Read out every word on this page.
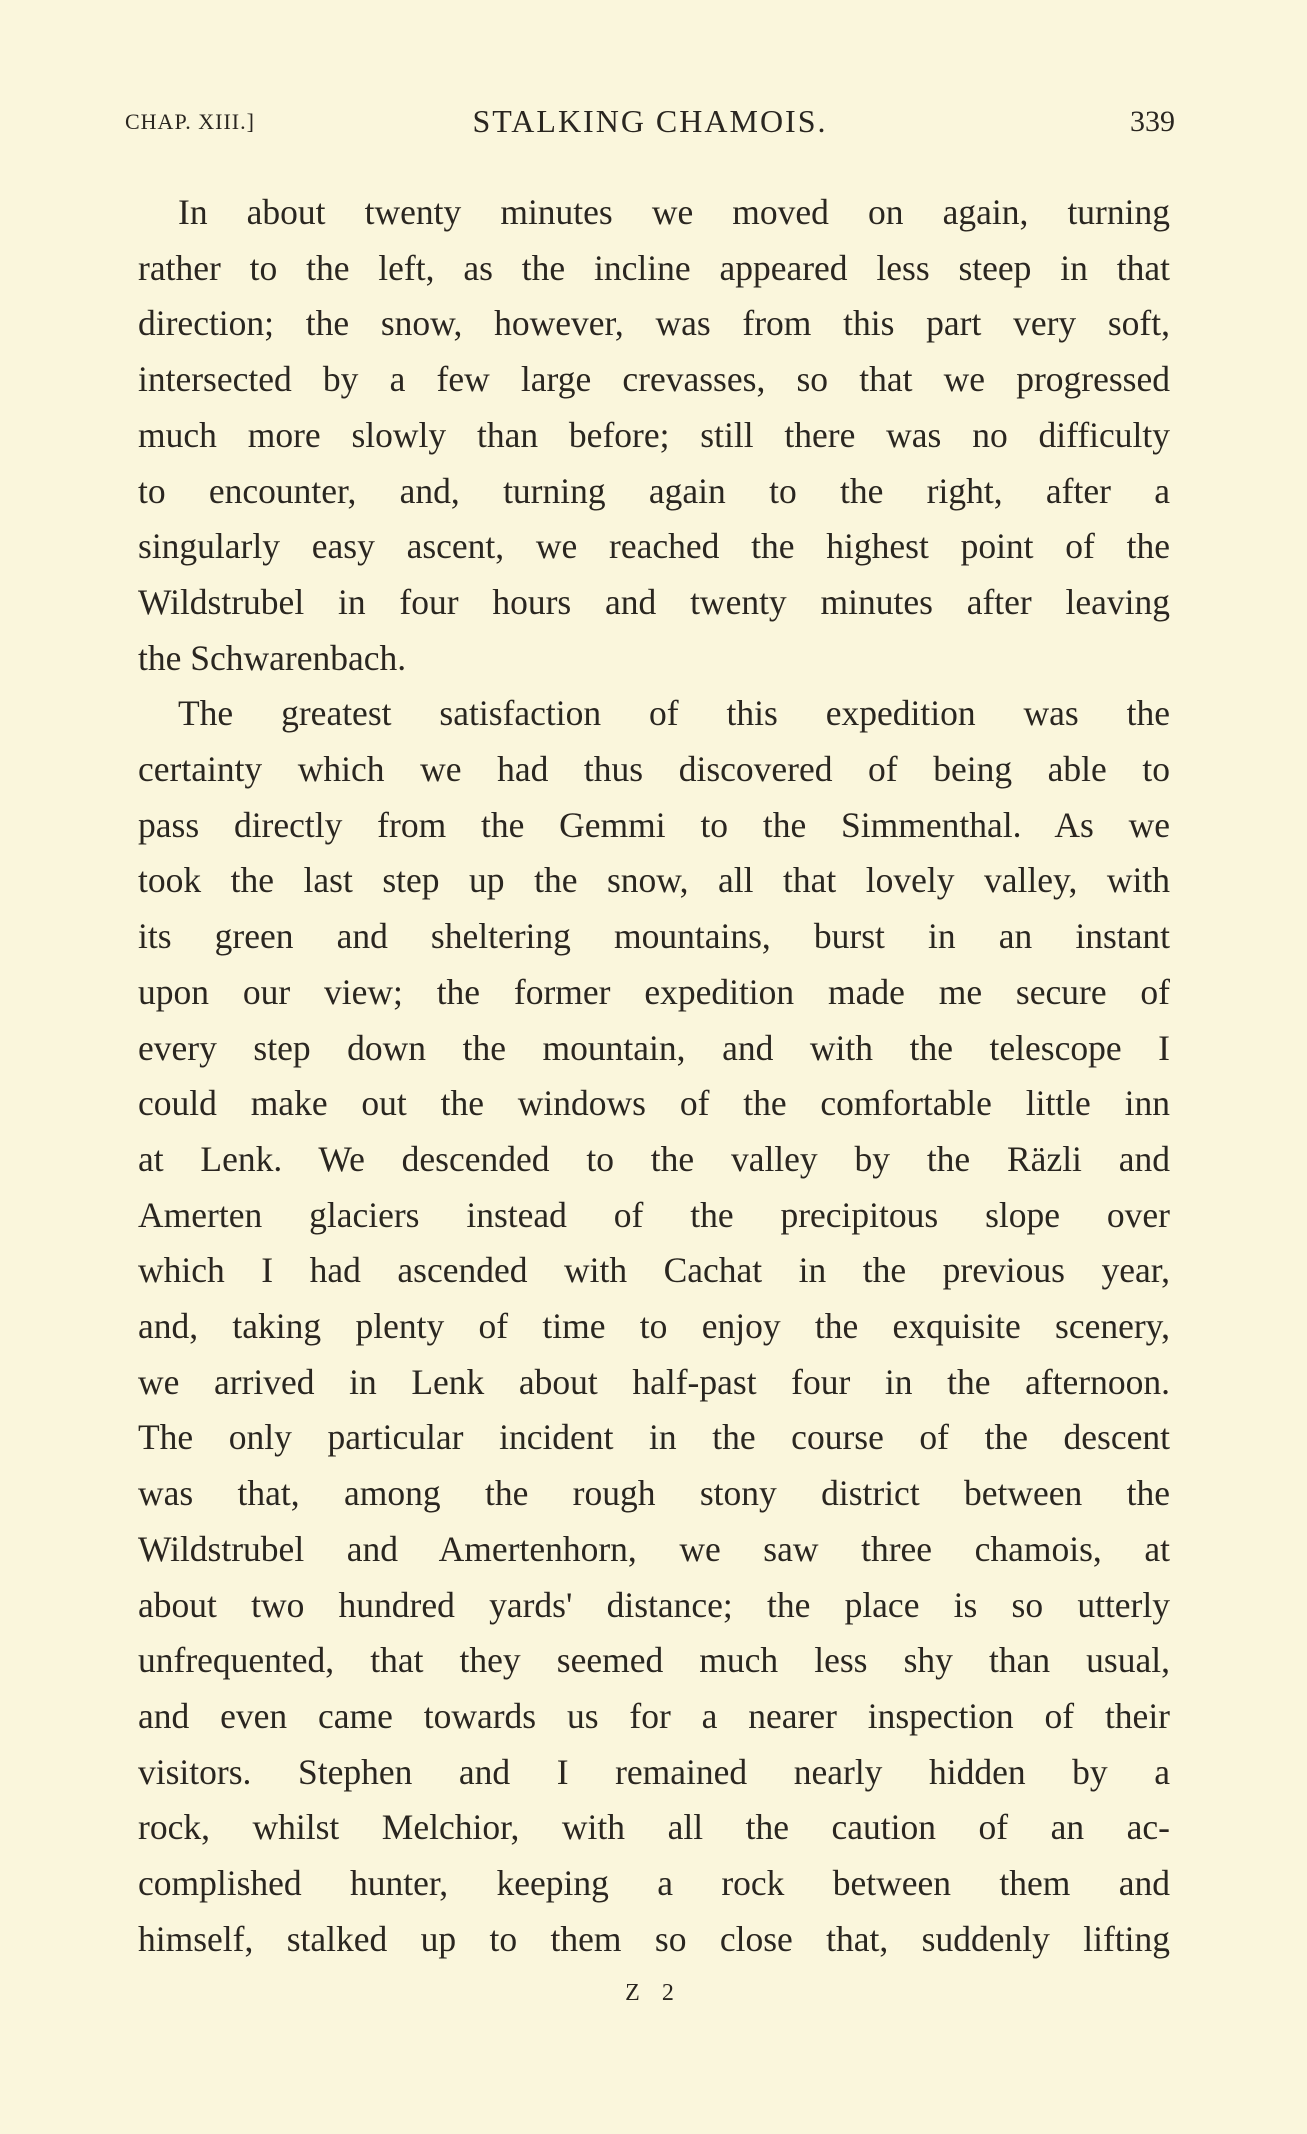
CHAP. XIII.]	STALKING CHAMOIS.	339

In about twenty minutes we moved on again, turning
rather to the left, as the incline appeared less steep in that
direction; the snow, however, was from this part very soft,
intersected by a few large crevasses, so that we progressed
much more slowly than before; still there was no difficulty
to encounter, and, turning again to the right, after a
singularly easy ascent, we reached the highest point of the
Wildstrubel in four hours and twenty minutes after leaving
the Schwarenbach.

The greatest satisfaction of this expedition was the
certainty which we had thus discovered of being able to
pass directly from the Gemmi to the Simmenthal. As we
took the last step up the snow, all that lovely valley, with
its green and sheltering mountains, burst in an instant
upon our view; the former expedition made me secure of
every step down the mountain, and with the telescope I
could make out the windows of the comfortable little inn
at Lenk. We descended to the valley by the Räzli and
Amerten glaciers instead of the precipitous slope over
which I had ascended with Cachat in the previous year,
and, taking plenty of time to enjoy the exquisite scenery,
we arrived in Lenk about half-past four in the afternoon.
The only particular incident in the course of the descent
was that, among the rough stony district between the
Wildstrubel and Amertenhorn, we saw three chamois, at
about two hundred yards' distance; the place is so utterly
unfrequented, that they seemed much less shy than usual,
and even came towards us for a nearer inspection of their
visitors. Stephen and I remained nearly hidden by a
rock, whilst Melchior, with all the caution of an ac-
complished hunter, keeping a rock between them and
himself, stalked up to them so close that, suddenly lifting

Z 2
